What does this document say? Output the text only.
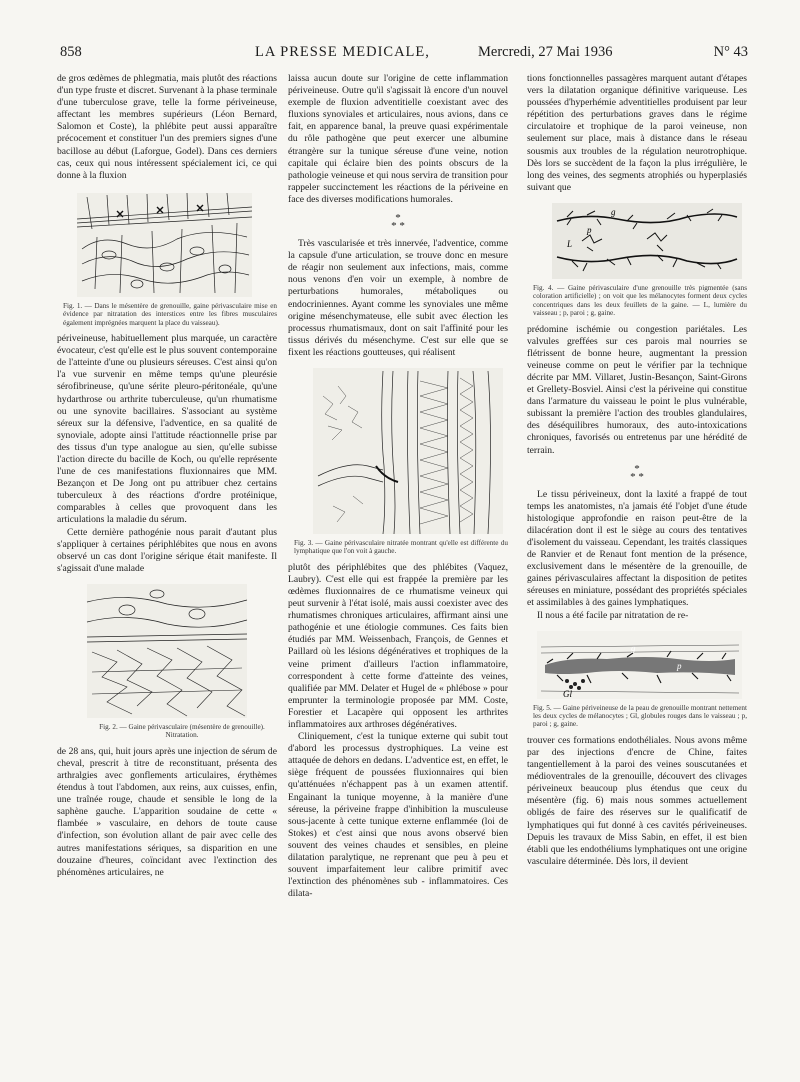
858	LA PRESSE MEDICALE,	Mercredi, 27 Mai 1936	N° 43

de gros œdèmes de phlegmatia, mais plutôt des réactions d'un type fruste et discret. Survenant à la phase terminale d'une tuberculose grave, telle la forme périveineuse, affectant les membres supérieurs (Léon Bernard, Salomon et Coste), la phlébite peut aussi apparaître précocement et constituer l'un des premiers signes d'une bacillose au début (Laforgue, Godel). Dans ces derniers cas, ceux qui nous intéressent spécialement ici, ce qui donne à la fluxion

Fig. 1. — Dans le mésentère de grenouille, gaine périvasculaire mise en évidence par nitratation des interstices entre les fibres musculaires également imprégnées marquent la place du vaisseau).

périveineuse, habituellement plus marquée, un caractère évocateur, c'est qu'elle est le plus souvent contemporaine de l'atteinte d'une ou plusieurs séreuses. C'est ainsi qu'on l'a vue survenir en même temps qu'une pleurésie sérofibrineuse, qu'une sérite pleuro-péritonéale, qu'une hydarthrose ou arthrite tuberculeuse, qu'un rhumatisme ou une synovite bacillaires. S'associant au système séreux sur la défensive, l'adventice, en sa qualité de synoviale, adopte ainsi l'attitude réactionnelle prise par des tissus d'un type analogue au sien, qu'elle subisse l'action directe du bacille de Koch, ou qu'elle représente l'une de ces manifestations fluxionnaires que MM. Bezançon et De Jong ont pu attribuer chez certains tuberculeux à des réactions d'ordre protéinique, comparables à celles que provoquent dans les articulations la maladie du sérum.

Cette dernière pathogénie nous parait d'autant plus s'appliquer à certaines périphlébites que nous en avons observé un cas dont l'origine sérique était manifeste. Il s'agissait d'une malade

Fig. 2. — Gaine périvasculaire (mésentère de grenouille). Nitratation.

de 28 ans, qui, huit jours après une injection de sérum de cheval, prescrit à titre de reconstituant, présenta des arthralgies avec gonflements articulaires, érythèmes étendus à tout l'abdomen, aux reins, aux cuisses, enfin, une traînée rouge, chaude et sensible le long de la saphène gauche. L'apparition soudaine de cette « flambée » vasculaire, en dehors de toute cause d'infection, son évolution allant de pair avec celle des autres manifestations sériques, sa disparition en une douzaine d'heures, coïncidant avec l'extinction des phénomènes articulaires, ne

laissa aucun doute sur l'origine de cette inflammation périveineuse. Outre qu'il s'agissait là encore d'un nouvel exemple de fluxion adventitielle coexistant avec des fluxions synoviales et articulaires, nous avions, dans ce fait, en apparence banal, la preuve quasi expérimentale du rôle pathogène que peut exercer une albumine étrangère sur la tunique séreuse d'une veine, notion capitale qui éclaire bien des points obscurs de la pathologie veineuse et qui nous servira de transition pour rappeler succinctement les réactions de la périveine en face des diverses modifications humorales.

*
* *

Très vascularisée et très innervée, l'adventice, comme la capsule d'une articulation, se trouve donc en mesure de réagir non seulement aux infections, mais, comme nous venons d'en voir un exemple, à nombre de perturbations humorales, métaboliques ou endocriniennes. Ayant comme les synoviales une même origine mésenchymateuse, elle subit avec élection les processus rhumatismaux, dont on sait l'affinité pour les tissus dérivés du mésenchyme. C'est sur elle que se fixent les réactions goutteuses, qui réalisent

Fig. 3. — Gaine périvasculaire nitratée montrant qu'elle est différente du lymphatique que l'on voit à gauche.

plutôt des périphlébites que des phlébites (Vaquez, Laubry). C'est elle qui est frappée la première par les œdèmes fluxionnaires de ce rhumatisme veineux qui peut survenir à l'état isolé, mais aussi coexister avec des rhumatismes chroniques articulaires, affirmant ainsi une pathogénie et une étiologie communes. Ces faits bien étudiés par MM. Weissenbach, François, de Gennes et Paillard où les lésions dégénératives et trophiques de la veine priment d'ailleurs l'action inflammatoire, correspondent à cette forme d'atteinte des veines, qualifiée par MM. Delater et Hugel de « phlébose » pour emprunter la terminologie proposée par MM. Coste, Forestier et Lacapère qui opposent les arthrites inflammatoires aux arthroses dégénératives.

Cliniquement, c'est la tunique externe qui subit tout d'abord les processus dystrophiques. La veine est attaquée de dehors en dedans. L'adventice est, en effet, le siège fréquent de poussées fluxionnaires qui bien qu'atténuées n'échappent pas à un examen attentif. Engainant la tunique moyenne, à la manière d'une séreuse, la périveine frappe d'inhibition la musculeuse sous-jacente à cette tunique externe enflammée (loi de Stokes) et c'est ainsi que nous avons observé bien souvent des veines chaudes et sensibles, en pleine dilatation paralytique, ne reprenant que peu à peu et souvent imparfaitement leur calibre primitif avec l'extinction des phénomènes sub - inflammatoires. Ces dilata-

tions fonctionnelles passagères marquent autant d'étapes vers la dilatation organique définitive variqueuse. Les poussées d'hyperhémie adventitielles produisent par leur répétition des perturbations graves dans le régime circulatoire et trophique de la paroi veineuse, non seulement sur place, mais à distance dans le réseau sousmis aux troubles de la régulation neurotrophique. Dès lors se succèdent de la façon la plus irrégulière, le long des veines, des segments atrophiés ou hyperplasiés suivant que

g
p
L
Fig. 4. — Gaine périvasculaire d'une grenouille très pigmentée (sans coloration artificielle) ; on voit que les mélanocytes forment deux cycles concentriques dans les deux feuillets de la gaine. — L, lumière du vaisseau ; p, paroi ; g, gaine.

prédomine ischémie ou congestion pariétales. Les valvules greffées sur ces parois mal nourries se flétrissent de bonne heure, augmentant la pression veineuse comme on peut le vérifier par la technique décrite par MM. Villaret, Justin-Besançon, Saint-Girons et Grellety-Bosviel. Ainsi c'est la périveine qui constitue dans l'armature du vaisseau le point le plus vulnérable, subissant la première l'action des troubles glandulaires, des déséquilibres humoraux, des auto-intoxications chroniques, favorisés ou entretenus par une hérédité de terrain.

*
* *

Le tissu périveineux, dont la laxité a frappé de tout temps les anatomistes, n'a jamais été l'objet d'une étude histologique approfondie en raison peut-être de la dilacération dont il est le siège au cours des tentatives d'isolement du vaisseau. Cependant, les traités classiques de Ranvier et de Renaut font mention de la présence, exclusivement dans le mésentère de la grenouille, de gaines périvasculaires affectant la disposition de petites séreuses en miniature, possédant des propriétés spéciales et assimilables à des gaines lymphatiques.

Il nous a été facile par nitratation de re-

g
p
Gl
Fig. 5. — Gaine périveineuse de la peau de grenouille montrant nettement les deux cycles de mélanocytes ; Gl, globules rouges dans le vaisseau ; p, paroi ; g, gaine.

trouver ces formations endothéliales. Nous avons même par des injections d'encre de Chine, faites tangentiellement à la paroi des veines souscutanées et médioventrales de la grenouille, découvert des clivages périveineux beaucoup plus étendus que ceux du mésentère (fig. 6) mais nous sommes actuellement obligés de faire des réserves sur le qualificatif de lymphatiques qui fut donné à ces cavités périveineuses. Depuis les travaux de Miss Sabin, en effet, il est bien établi que les endothéliums lymphatiques ont une origine vasculaire déterminée. Dès lors, il devient
